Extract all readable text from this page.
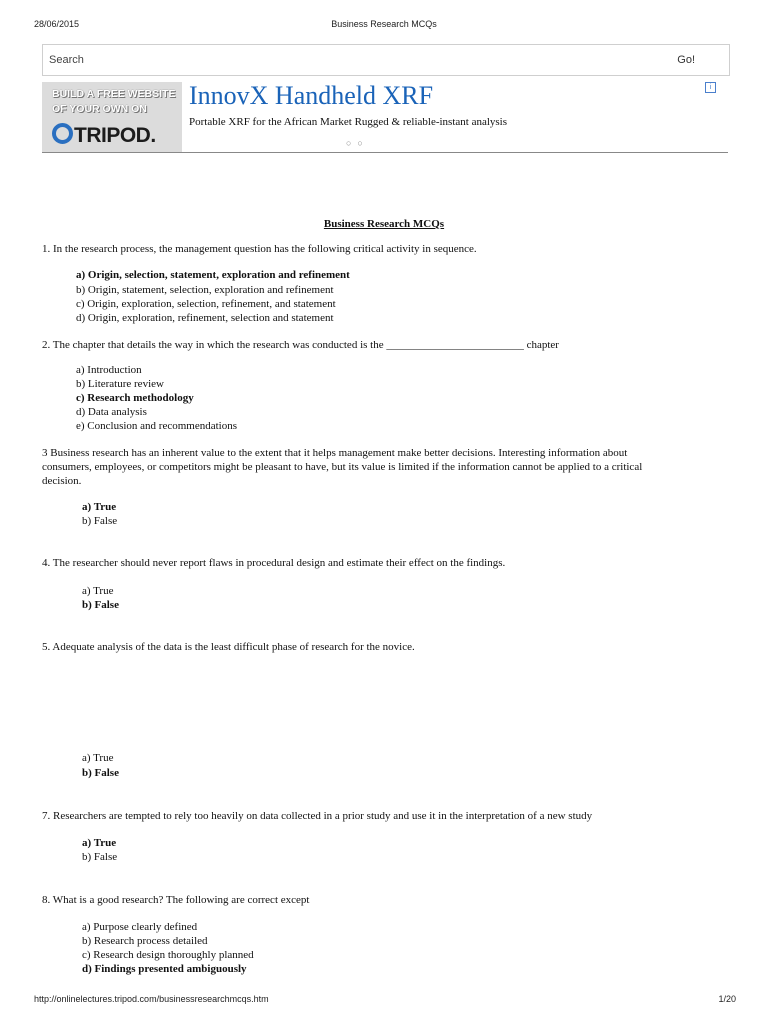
28/06/2015	Business Research MCQs
Search	Go!
BUILD A FREE WEBSITE
OF YOUR OWN ON
TRIPOD.
InnovX Handheld XRF
Portable XRF for the African Market Rugged & reliable-instant analysis
○○
i
Business Research MCQs
1. In the research process, the management question has the following critical activity in sequence.
a) Origin, selection, statement, exploration and refinement
b) Origin, statement, selection, exploration and refinement
c) Origin, exploration, selection, refinement, and statement
d) Origin, exploration, refinement, selection and statement
2. The chapter that details the way in which the research was conducted is the _________________________ chapter
a) Introduction
b) Literature review
c) Research methodology
d) Data analysis
e) Conclusion and recommendations
3 Business research has an inherent value to the extent that it helps management make better decisions. Interesting information about
consumers, employees, or competitors might be pleasant to have, but its value is limited if the information cannot be applied to a critical
decision.
a) True
b) False
4. The researcher should never report flaws in procedural design and estimate their effect on the findings.
a) True
b) False
5. Adequate analysis of the data is the least difficult phase of research for the novice.
a) True
b) False
7. Researchers are tempted to rely too heavily on data collected in a prior study and use it in the interpretation of a new study
a) True
b) False
8. What is a good research? The following are correct except
a) Purpose clearly defined
b) Research process detailed
c) Research design thoroughly planned
d) Findings presented ambiguously
http://onlinelectures.tripod.com/businessresearchmcqs.htm	1/20
